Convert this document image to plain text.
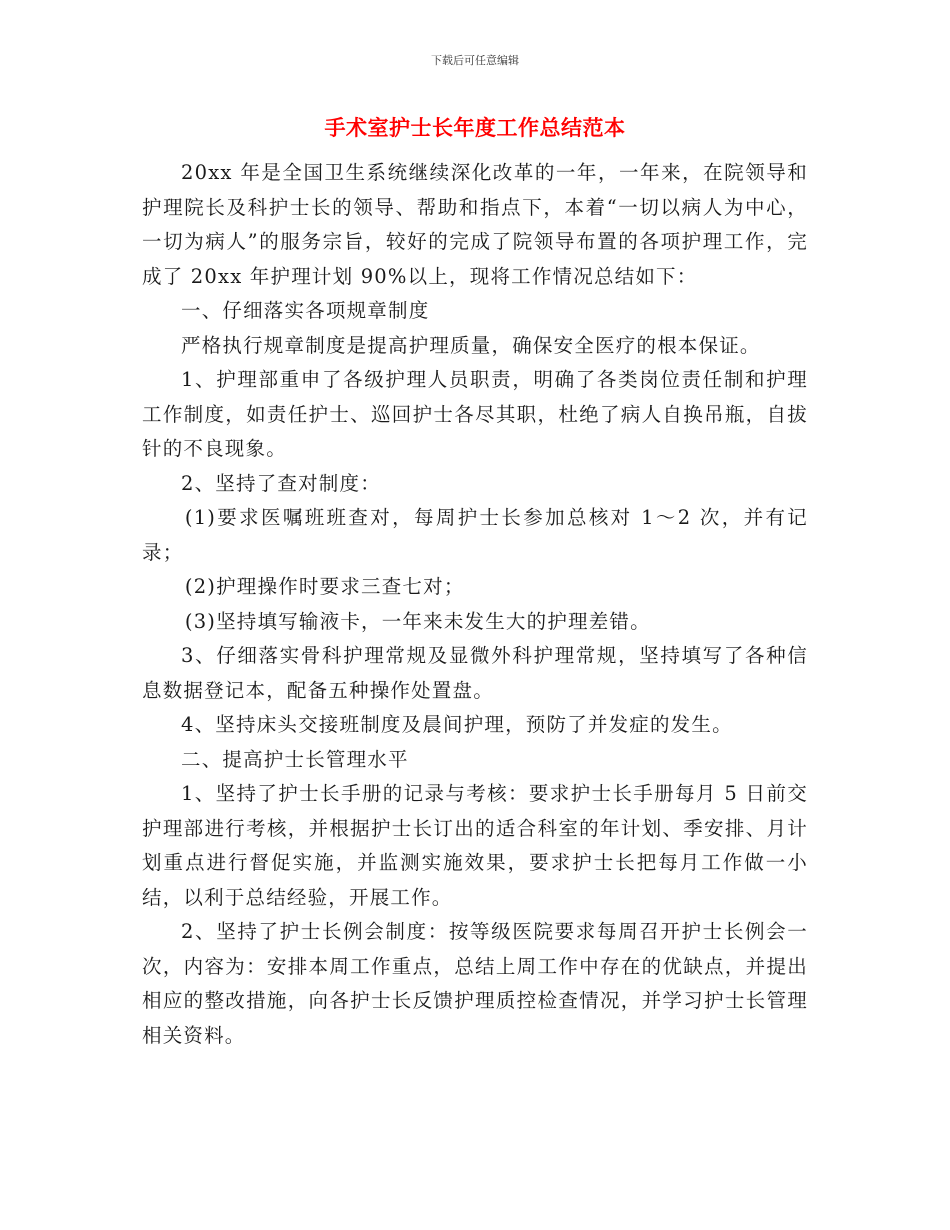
下载后可任意编辑
手术室护士长年度工作总结范本

20xx 年是全国卫生系统继续深化改革的一年，一年来，在院领导和护理院长及科护士长的领导、帮助和指点下，本着“一切以病人为中心，一切为病人”的服务宗旨，较好的完成了院领导布置的各项护理工作，完成了 20xx 年护理计划 90%以上，现将工作情况总结如下：

一、仔细落实各项规章制度

严格执行规章制度是提高护理质量，确保安全医疗的根本保证。

1、护理部重申了各级护理人员职责，明确了各类岗位责任制和护理工作制度，如责任护士、巡回护士各尽其职，杜绝了病人自换吊瓶，自拔针的不良现象。

2、坚持了查对制度：

(1)要求医嘱班班查对，每周护士长参加总核对 1～2 次，并有记录；

(2)护理操作时要求三查七对；

(3)坚持填写输液卡，一年来未发生大的护理差错。

3、仔细落实骨科护理常规及显微外科护理常规，坚持填写了各种信息数据登记本，配备五种操作处置盘。

4、坚持床头交接班制度及晨间护理，预防了并发症的发生。

二、提高护士长管理水平

1、坚持了护士长手册的记录与考核：要求护士长手册每月 5 日前交护理部进行考核，并根据护士长订出的适合科室的年计划、季安排、月计划重点进行督促实施，并监测实施效果，要求护士长把每月工作做一小结，以利于总结经验，开展工作。

2、坚持了护士长例会制度：按等级医院要求每周召开护士长例会一次，内容为：安排本周工作重点，总结上周工作中存在的优缺点，并提出相应的整改措施，向各护士长反馈护理质控检查情况，并学习护士长管理相关资料。
